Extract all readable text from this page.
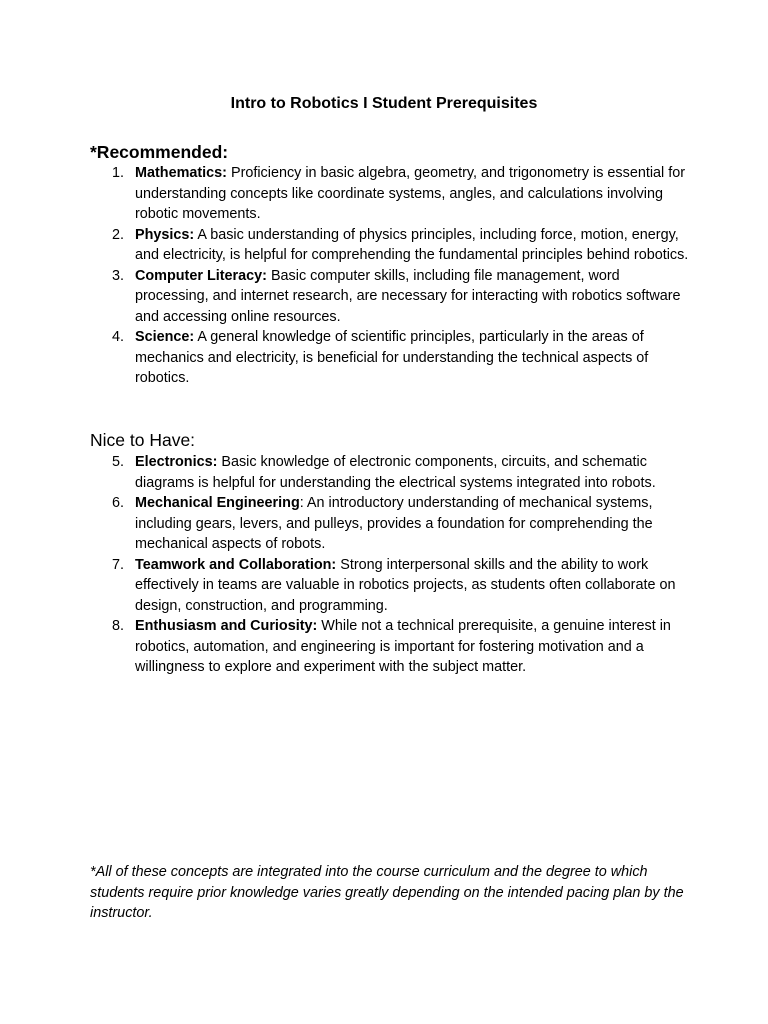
Intro to Robotics I Student Prerequisites
*Recommended:
1. Mathematics: Proficiency in basic algebra, geometry, and trigonometry is essential for understanding concepts like coordinate systems, angles, and calculations involving robotic movements.
2. Physics: A basic understanding of physics principles, including force, motion, energy, and electricity, is helpful for comprehending the fundamental principles behind robotics.
3. Computer Literacy: Basic computer skills, including file management, word processing, and internet research, are necessary for interacting with robotics software and accessing online resources.
4. Science: A general knowledge of scientific principles, particularly in the areas of mechanics and electricity, is beneficial for understanding the technical aspects of robotics.
Nice to Have:
5. Electronics: Basic knowledge of electronic components, circuits, and schematic diagrams is helpful for understanding the electrical systems integrated into robots.
6. Mechanical Engineering: An introductory understanding of mechanical systems, including gears, levers, and pulleys, provides a foundation for comprehending the mechanical aspects of robots.
7. Teamwork and Collaboration: Strong interpersonal skills and the ability to work effectively in teams are valuable in robotics projects, as students often collaborate on design, construction, and programming.
8. Enthusiasm and Curiosity: While not a technical prerequisite, a genuine interest in robotics, automation, and engineering is important for fostering motivation and a willingness to explore and experiment with the subject matter.
*All of these concepts are integrated into the course curriculum and the degree to which students require prior knowledge varies greatly depending on the intended pacing plan by the instructor.
